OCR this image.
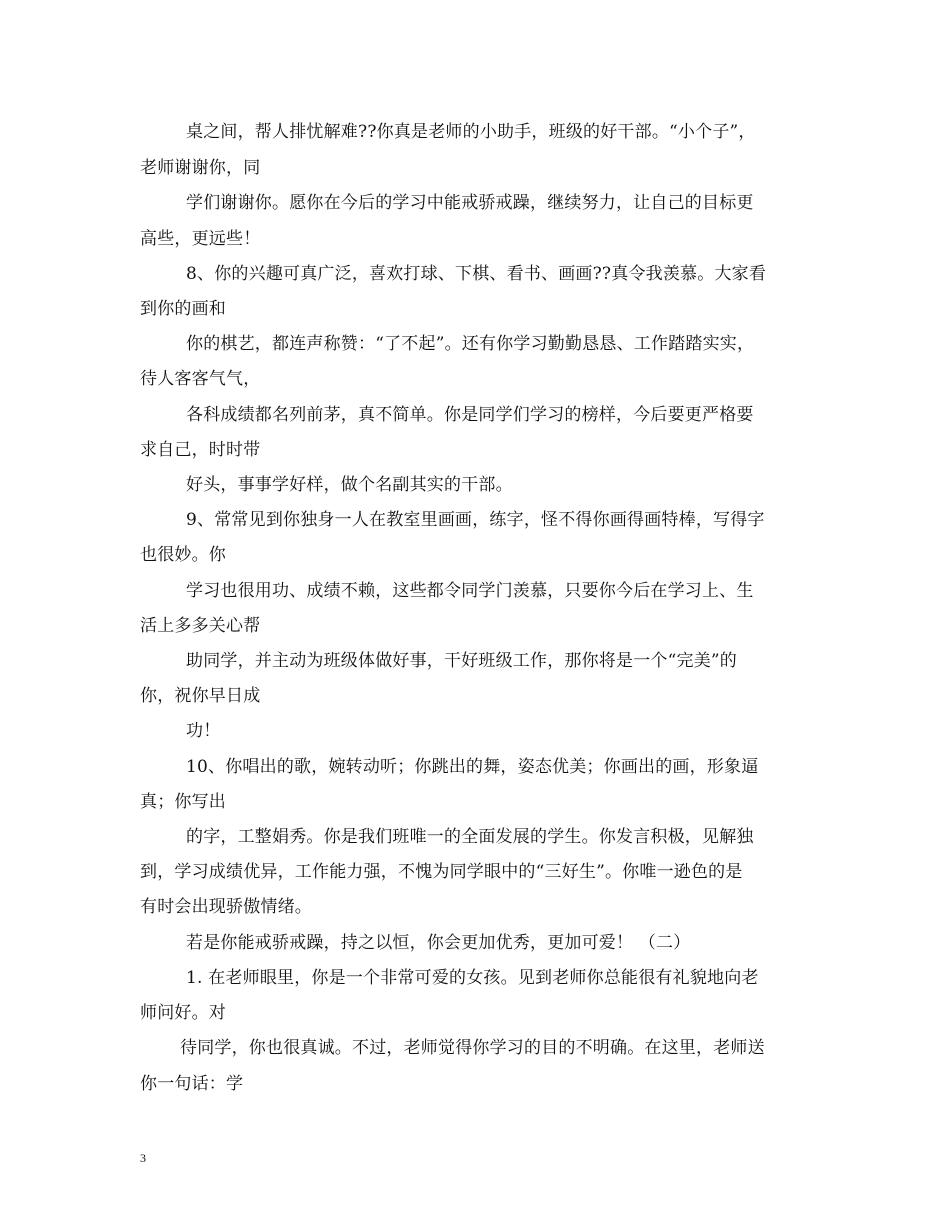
桌之间，帮人排忧解难??你真是老师的小助手，班级的好干部。“小个子”，
老师谢谢你，同
学们谢谢你。愿你在今后的学习中能戒骄戒躁，继续努力，让自己的目标更
高些，更远些！
8、你的兴趣可真广泛，喜欢打球、下棋、看书、画画??真令我羡慕。大家看
到你的画和
你的棋艺，都连声称赞：“了不起”。还有你学习勤勤恳恳、工作踏踏实实，
待人客客气气，
各科成绩都名列前茅，真不简单。你是同学们学习的榜样，今后要更严格要
求自己，时时带
好头，事事学好样，做个名副其实的干部。
9、常常见到你独身一人在教室里画画，练字，怪不得你画得画特棒，写得字
也很妙。你
学习也很用功、成绩不赖，这些都令同学门羡慕，只要你今后在学习上、生
活上多多关心帮
助同学，并主动为班级体做好事，干好班级工作，那你将是一个“完美”的
你，祝你早日成
功！
10、你唱出的歌，婉转动听；你跳出的舞，姿态优美；你画出的画，形象逼
真；你写出
的字，工整娟秀。你是我们班唯一的全面发展的学生。你发言积极，见解独
到，学习成绩优异，工作能力强，不愧为同学眼中的“三好生”。你唯一逊色的是
有时会出现骄傲情绪。
若是你能戒骄戒躁，持之以恒，你会更加优秀，更加可爱！ （二）
1. 在老师眼里，你是一个非常可爱的女孩。见到老师你总能很有礼貌地向老
师问好。对
待同学，你也很真诚。不过，老师觉得你学习的目的不明确。在这里，老师送
你一句话：学
3
